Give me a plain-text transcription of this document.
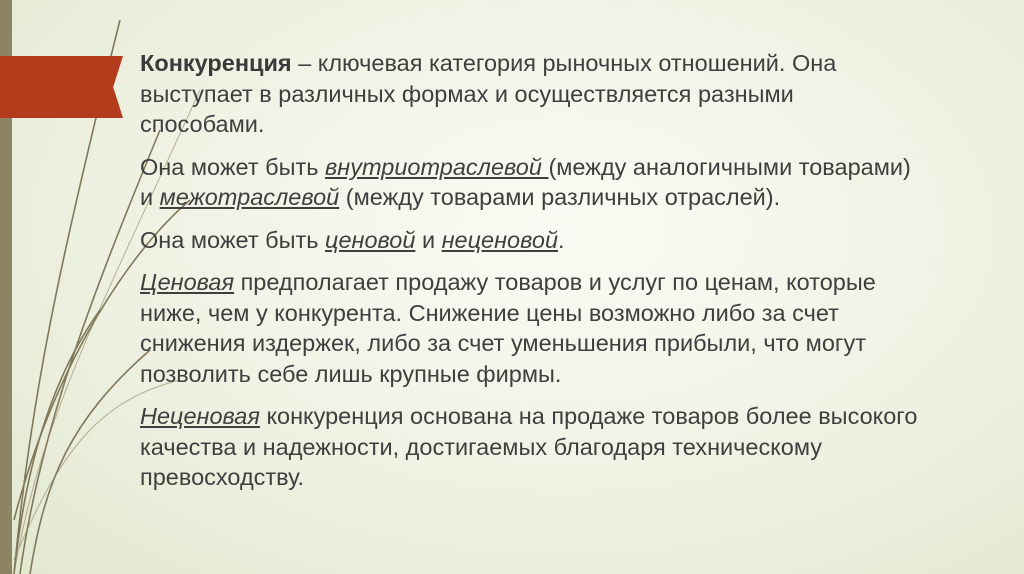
Конкуренция – ключевая категория рыночных отношений. Она выступает в различных формах и осуществляется разными способами.

Она может быть внутриотраслевой (между аналогичными товарами) и межотраслевой (между товарами различных отраслей).

Она может быть ценовой и неценовой.

Ценовая предполагает продажу товаров и услуг по ценам, которые ниже, чем у конкурента. Снижение цены возможно либо за счет снижения издержек, либо за счет уменьшения прибыли, что могут позволить себе лишь крупные фирмы.

Неценовая конкуренция основана на продаже товаров более высокого качества и надежности, достигаемых благодаря техническому превосходству.
